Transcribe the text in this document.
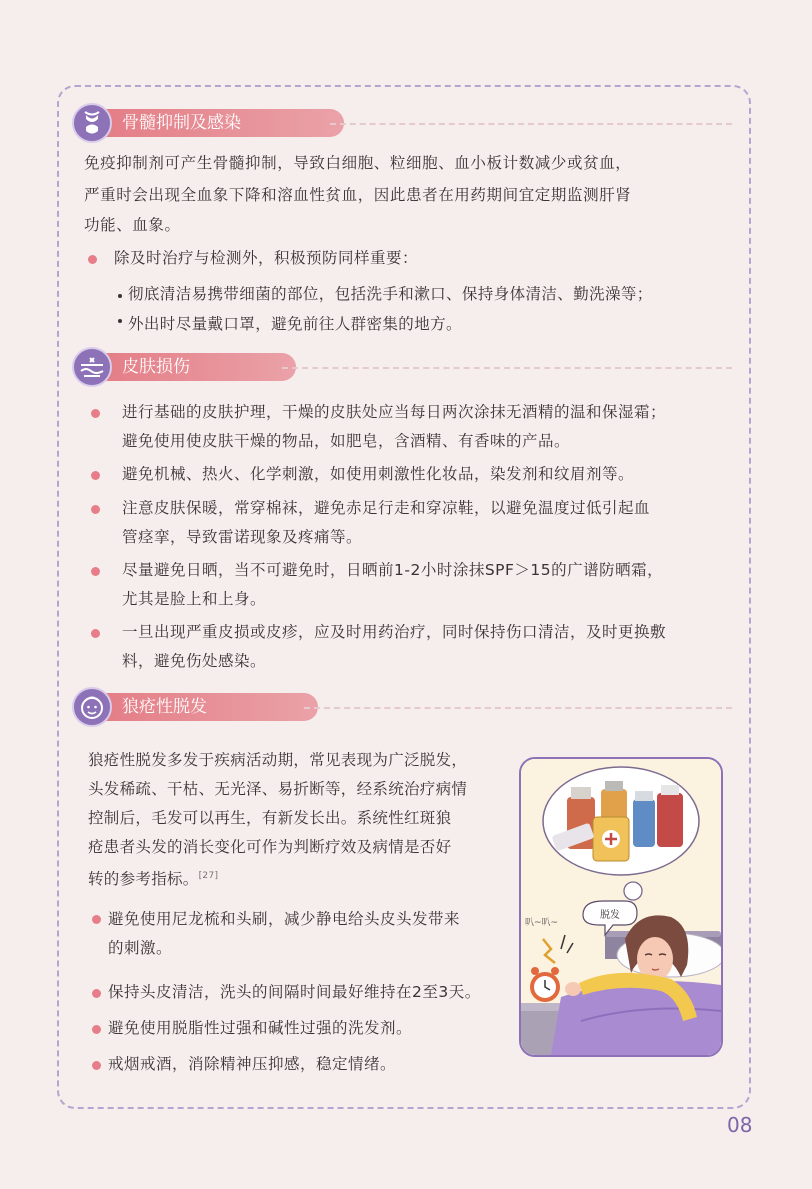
骨髓抑制及感染
免疫抑制剂可产生骨髓抑制，导致白细胞、粒细胞、血小板计数减少或贫血，
严重时会出现全血象下降和溶血性贫血，因此患者在用药期间宜定期监测肝肾
功能、血象。
除及时治疗与检测外，积极预防同样重要：
彻底清洁易携带细菌的部位，包括洗手和漱口、保持身体清洁、勤洗澡等；
外出时尽量戴口罩，避免前往人群密集的地方。
皮肤损伤
进行基础的皮肤护理，干燥的皮肤处应当每日两次涂抹无酒精的温和保湿霜；
避免使用使皮肤干燥的物品，如肥皂，含酒精、有香味的产品。
避免机械、热火、化学刺激，如使用刺激性化妆品，染发剂和纹眉剂等。
注意皮肤保暖，常穿棉袜，避免赤足行走和穿凉鞋，以避免温度过低引起血
管痉挛，导致雷诺现象及疼痛等。
尽量避免日晒，当不可避免时，日晒前1-2小时涂抹SPF＞15的广谱防晒霜，
尤其是脸上和上身。
一旦出现严重皮损或皮疹，应及时用药治疗，同时保持伤口清洁，及时更换敷
料，避免伤处感染。
狼疮性脱发
狼疮性脱发多发于疾病活动期，常见表现为广泛脱发，
头发稀疏、干枯、无光泽、易折断等，经系统治疗病情
控制后，毛发可以再生，有新发长出。系统性红斑狼
疮患者头发的消长变化可作为判断疗效及病情是否好
转的参考指标。[27]
避免使用尼龙梳和头刷，减少静电给头皮头发带来
的刺激。
保持头皮清洁，洗头的间隔时间最好维持在2至3天。
避免使用脱脂性过强和碱性过强的洗发剂。
戒烟戒酒，消除精神压抑感，稳定情绪。
脱发
叭~叭~
08
